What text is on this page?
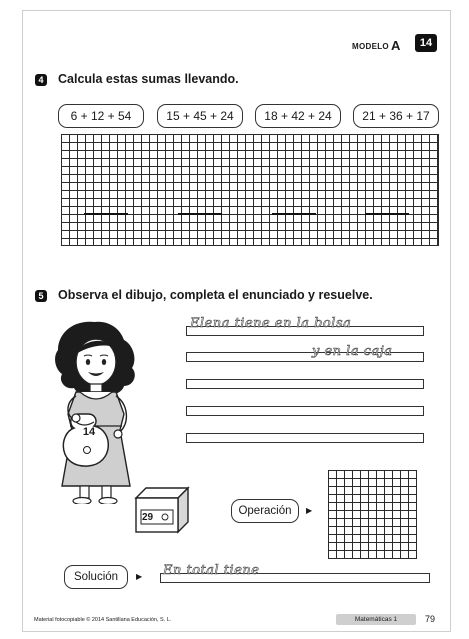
MODELO A	14
4 Calcula estas sumas llevando.
6 + 12 + 54	15 + 45 + 24	18 + 42 + 24	21 + 36 + 17
5 Observa el dibujo, completa el enunciado y resuelve.
14
29
Elena tiene en la bolsa
y en la caja
Operación	▶
Solución	▶ En total tiene
Material fotocopiable © 2014 Santillana Educación, S. L.	Matemáticas 1	79
